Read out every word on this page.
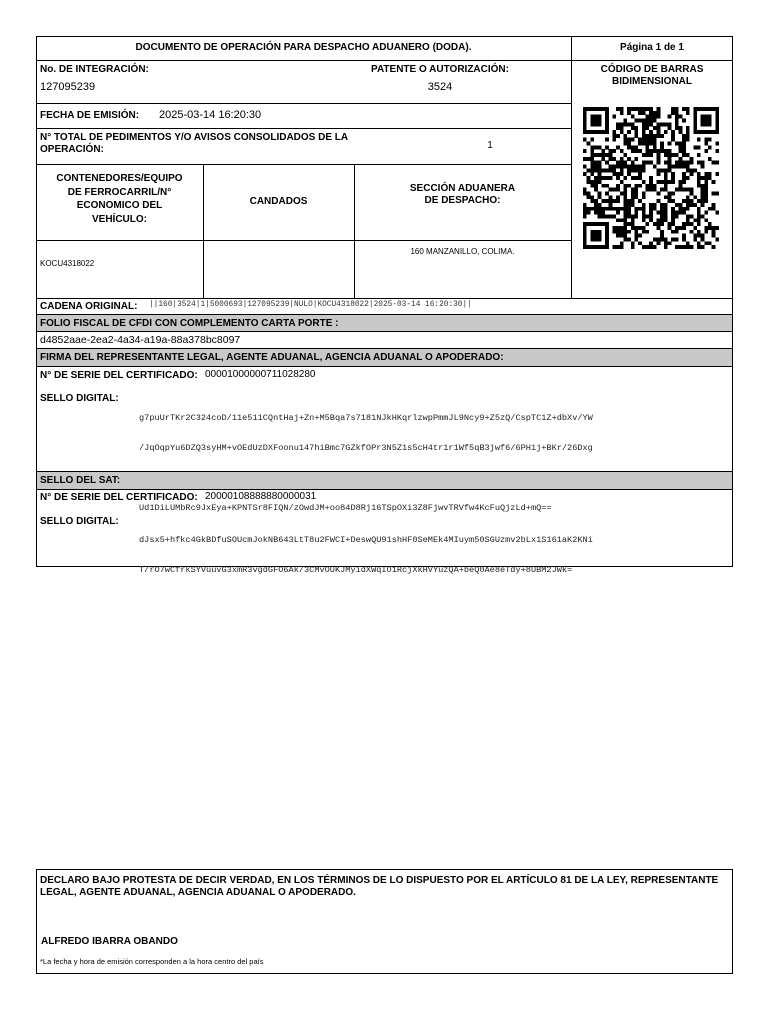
DOCUMENTO DE OPERACIÓN PARA DESPACHO ADUANERO (DODA).	Página 1 de 1
No. DE INTEGRACIÓN:
127095239
PATENTE O AUTORIZACIÓN:
3524
CÓDIGO DE BARRAS
BIDIMENSIONAL
FECHA DE EMISIÓN: 2025-03-14 16:20:30
N° TOTAL DE PEDIMENTOS Y/O AVISOS CONSOLIDADOS DE LA
OPERACIÓN:	1
CONTENEDORES/EQUIPO
DE FERROCARRIL/N°
ECONOMICO DEL
VEHÍCULO:
CANDADOS
SECCIÓN ADUANERA
DE DESPACHO:
KOCU4318022
160 MANZANILLO, COLIMA.
CADENA ORIGINAL: ||160|3524|1|5000693|127095239|NULO|KOCU4318022|2025-03-14 16:20:30||
FOLIO FISCAL DE CFDI CON COMPLEMENTO CARTA PORTE :
d4852aae-2ea2-4a34-a19a-88a378bc8097
FIRMA DEL REPRESENTANTE LEGAL, AGENTE ADUANAL, AGENCIA ADUANAL O APODERADO:
N° DE SERIE DEL CERTIFICADO: 00001000000711028280
SELLO DIGITAL:

g7puUrTKr2C324coD/11e511CQntHaj+Zn+M5Bqa7s7181NJkHKqrlzwpPmmJL9Ncy9+Z5zQ/CspTC1Z+dbXv/YW

/JqOqpYu6DZQ3syHM+vOEdUzDXFoonu147hiBmc7GZkfOPr3N5Z1s5cH4tr1r1Wf5qB3jwf6/6PH1j+BKr/26Dxg

Ud1DiLUMbRc9JxEya+KPNTSr8FIQN/zOwdJM+oo84D8Rj16TSpOXi3Z8FjwvTRVfw4KcFuQjzLd+mQ==

SELLO DEL SAT:
N° DE SERIE DEL CERTIFICADO: 20000108888880000031
SELLO DIGITAL:

dJsx5+hfkc4GkBDfuSOUcmJokNB643LtT8u2FWCI+DeswQU91shHF0SeMEk4MIuym50SGUzmv2bLx1S161aK2KNi

T/rO7wCfrkSYVuuvG3xmR3vgdGFO6Ak/3CMvOUKJMyidXWqIO1RcjXkHVYuzQA+beQ0Ae8eTdy+8UBM2JWk=

DECLARO BAJO PROTESTA DE DECIR VERDAD, EN LOS TÉRMINOS DE LO DISPUESTO POR EL ARTÍCULO 81 DE LA LEY, REPRESENTANTE
LEGAL, AGENTE ADUANAL, AGENCIA ADUANAL O APODERADO.
ALFREDO IBARRA OBANDO
*La fecha y hora de emisión corresponden a la hora centro del país
